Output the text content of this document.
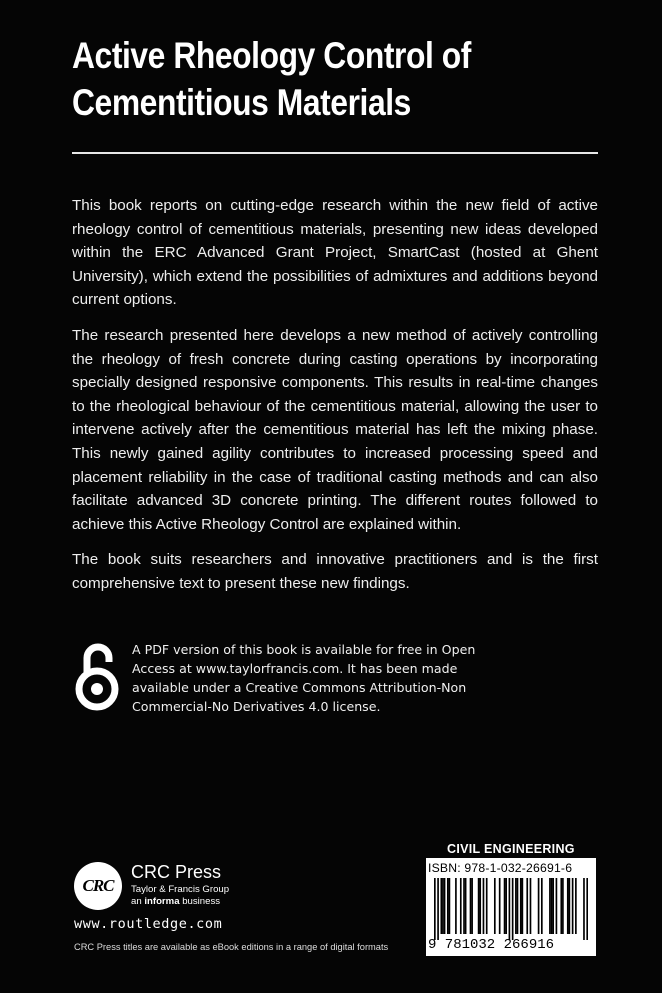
Active Rheology Control of
Cementitious Materials

This book reports on cutting-edge research within the new field of active rheology control of cementitious materials, presenting new ideas developed within the ERC Advanced Grant Project, SmartCast (hosted at Ghent University), which extend the possibilities of admixtures and additions beyond current options.

The research presented here develops a new method of actively controlling the rheology of fresh concrete during casting operations by incorporating specially designed responsive components. This results in real-time changes to the rheological behaviour of the cementitious material, allowing the user to intervene actively after the cementitious material has left the mixing phase. This newly gained agility contributes to increased processing speed and placement reliability in the case of traditional casting methods and can also facilitate advanced 3D concrete printing. The different routes followed to achieve this Active Rheology Control are explained within.

The book suits researchers and innovative practitioners and is the first comprehensive text to present these new findings.

A PDF version of this book is available for free in Open
Access at www.taylorfrancis.com. It has been made
available under a Creative Commons Attribution-Non
Commercial-No Derivatives 4.0 license.
CIVIL ENGINEERING
ISBN: 978-1-032-26691-6
9 781032 266916
CRC
CRC Press
Taylor & Francis Group
an informa business
www.routledge.com
CRC Press titles are available as eBook editions in a range of digital formats
